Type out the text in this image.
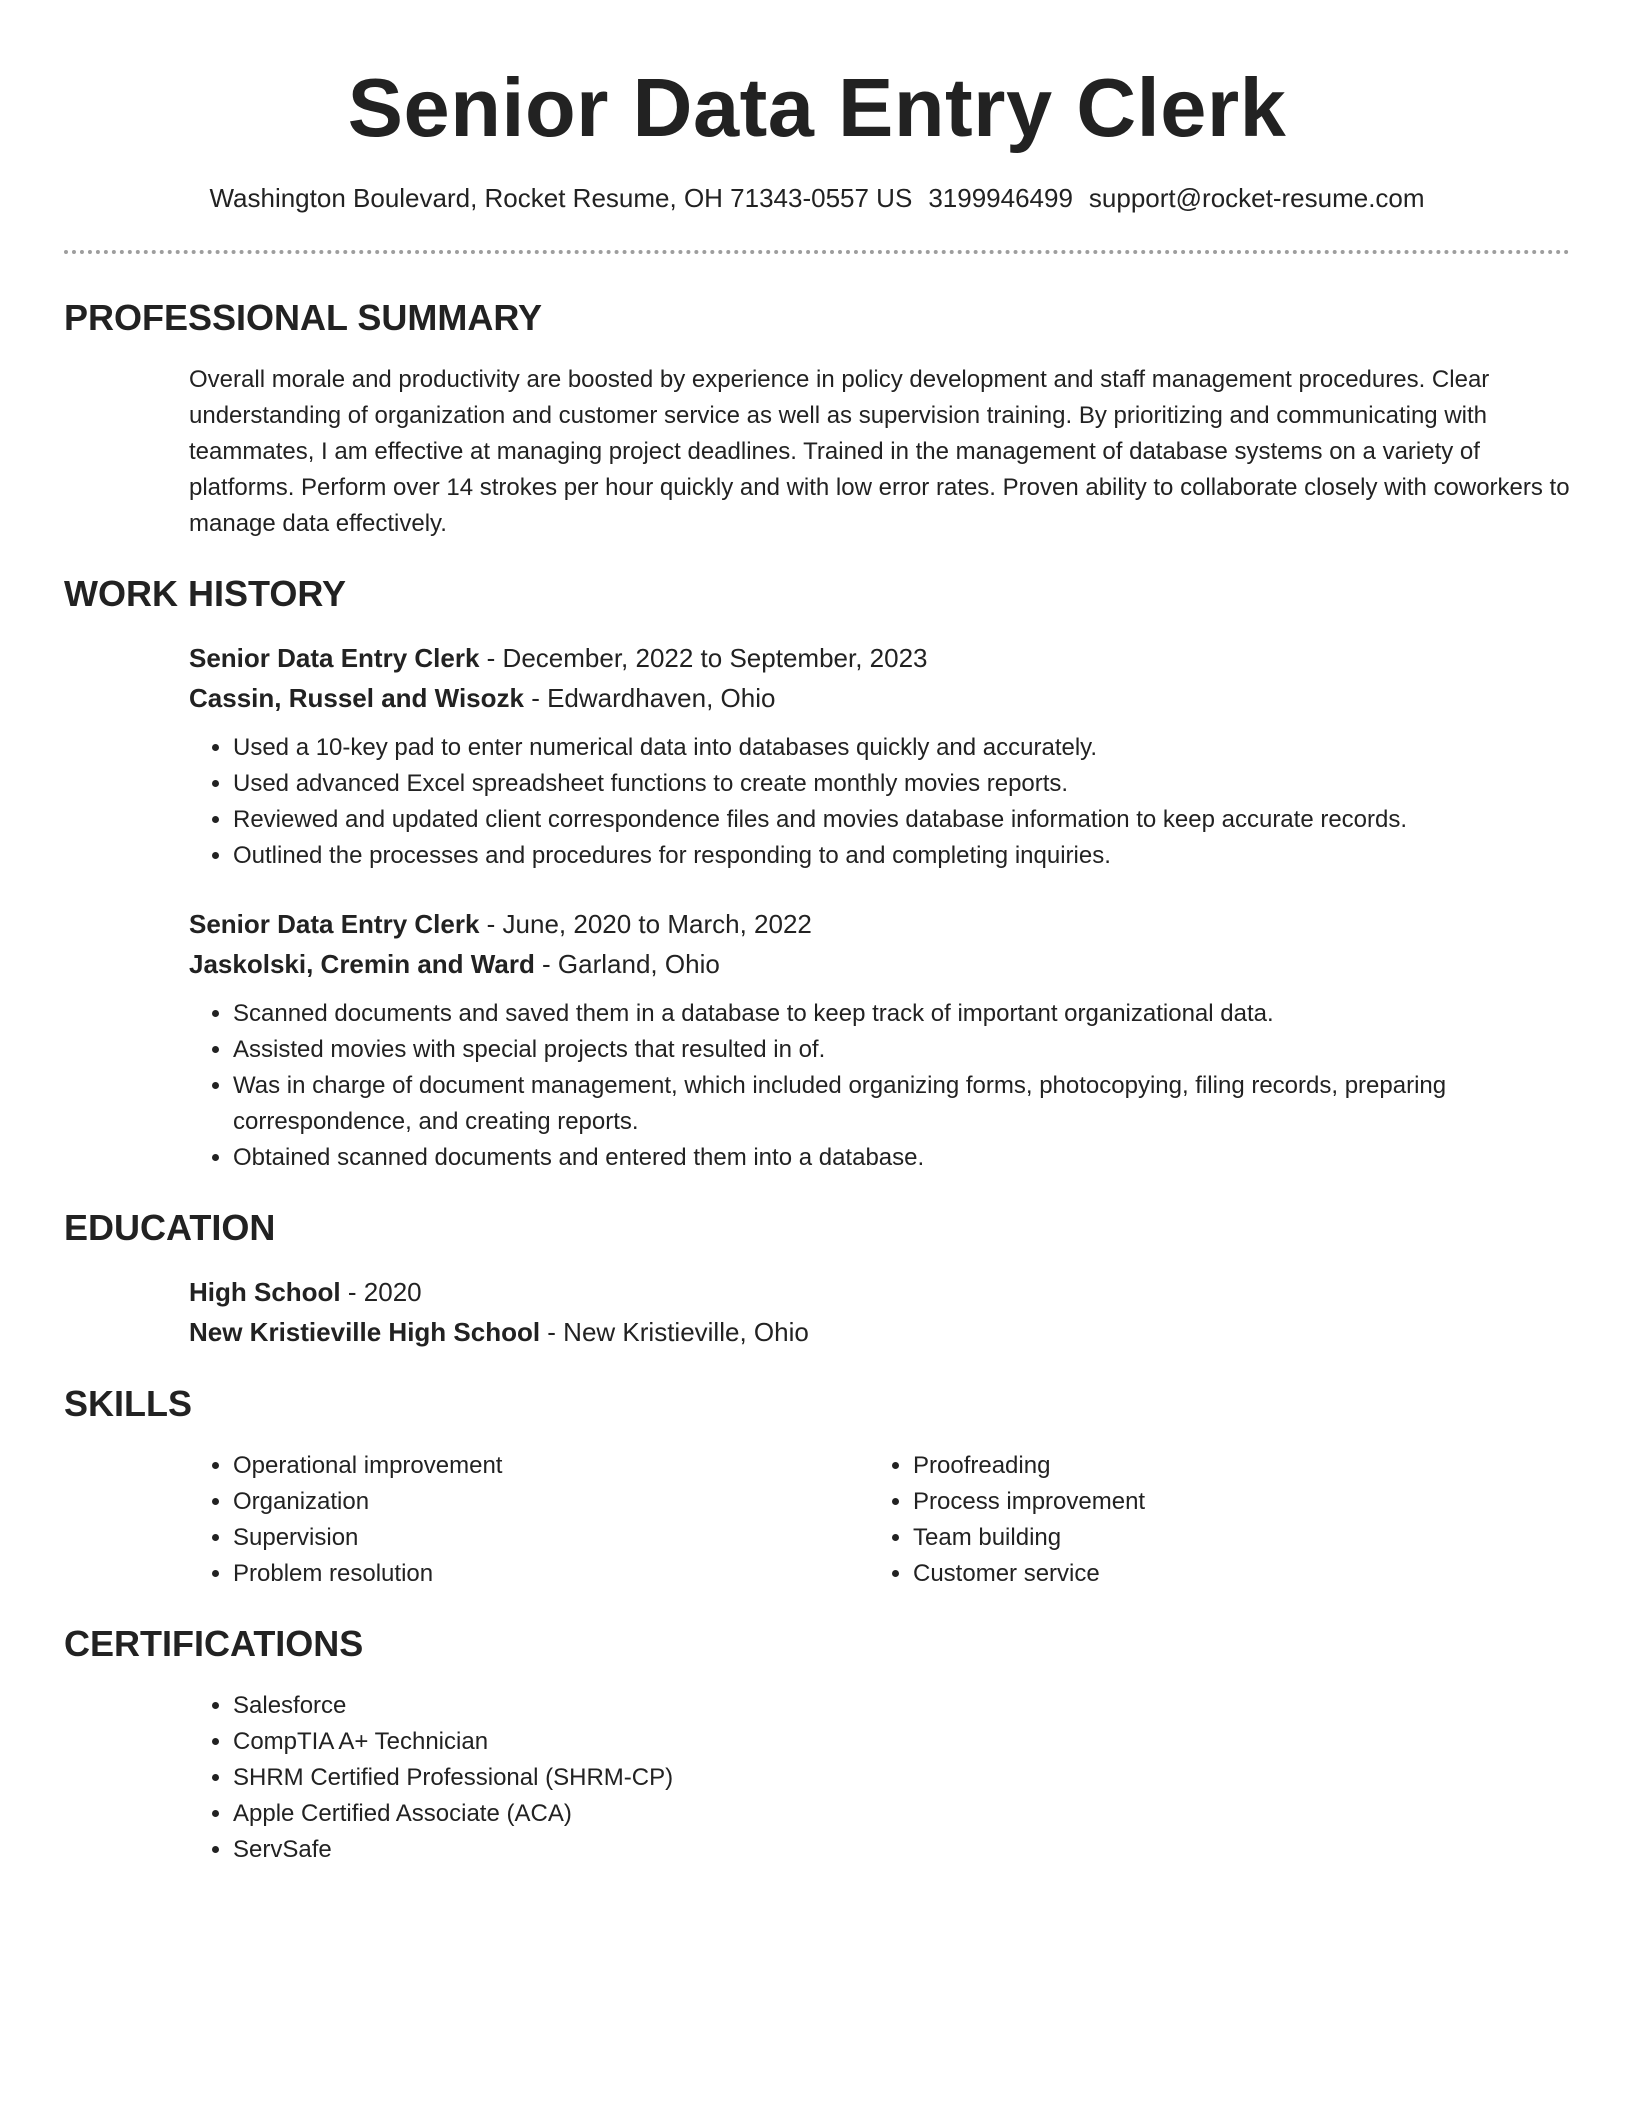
Senior Data Entry Clerk
Washington Boulevard, Rocket Resume, OH 71343-0557 US 3199946499 support@rocket-resume.com
PROFESSIONAL SUMMARY
Overall morale and productivity are boosted by experience in policy development and staff management procedures. Clear understanding of organization and customer service as well as supervision training. By prioritizing and communicating with teammates, I am effective at managing project deadlines. Trained in the management of database systems on a variety of platforms. Perform over 14 strokes per hour quickly and with low error rates. Proven ability to collaborate closely with coworkers to manage data effectively.
WORK HISTORY
Senior Data Entry Clerk - December, 2022 to September, 2023
Cassin, Russel and Wisozk - Edwardhaven, Ohio
• Used a 10-key pad to enter numerical data into databases quickly and accurately.
• Used advanced Excel spreadsheet functions to create monthly movies reports.
• Reviewed and updated client correspondence files and movies database information to keep accurate records.
• Outlined the processes and procedures for responding to and completing inquiries.
Senior Data Entry Clerk - June, 2020 to March, 2022
Jaskolski, Cremin and Ward - Garland, Ohio
• Scanned documents and saved them in a database to keep track of important organizational data.
• Assisted movies with special projects that resulted in of.
• Was in charge of document management, which included organizing forms, photocopying, filing records, preparing correspondence, and creating reports.
• Obtained scanned documents and entered them into a database.
EDUCATION
High School - 2020
New Kristieville High School - New Kristieville, Ohio
SKILLS
• Operational improvement
• Organization
• Supervision
• Problem resolution
• Proofreading
• Process improvement
• Team building
• Customer service
CERTIFICATIONS
• Salesforce
• CompTIA A+ Technician
• SHRM Certified Professional (SHRM-CP)
• Apple Certified Associate (ACA)
• ServSafe
